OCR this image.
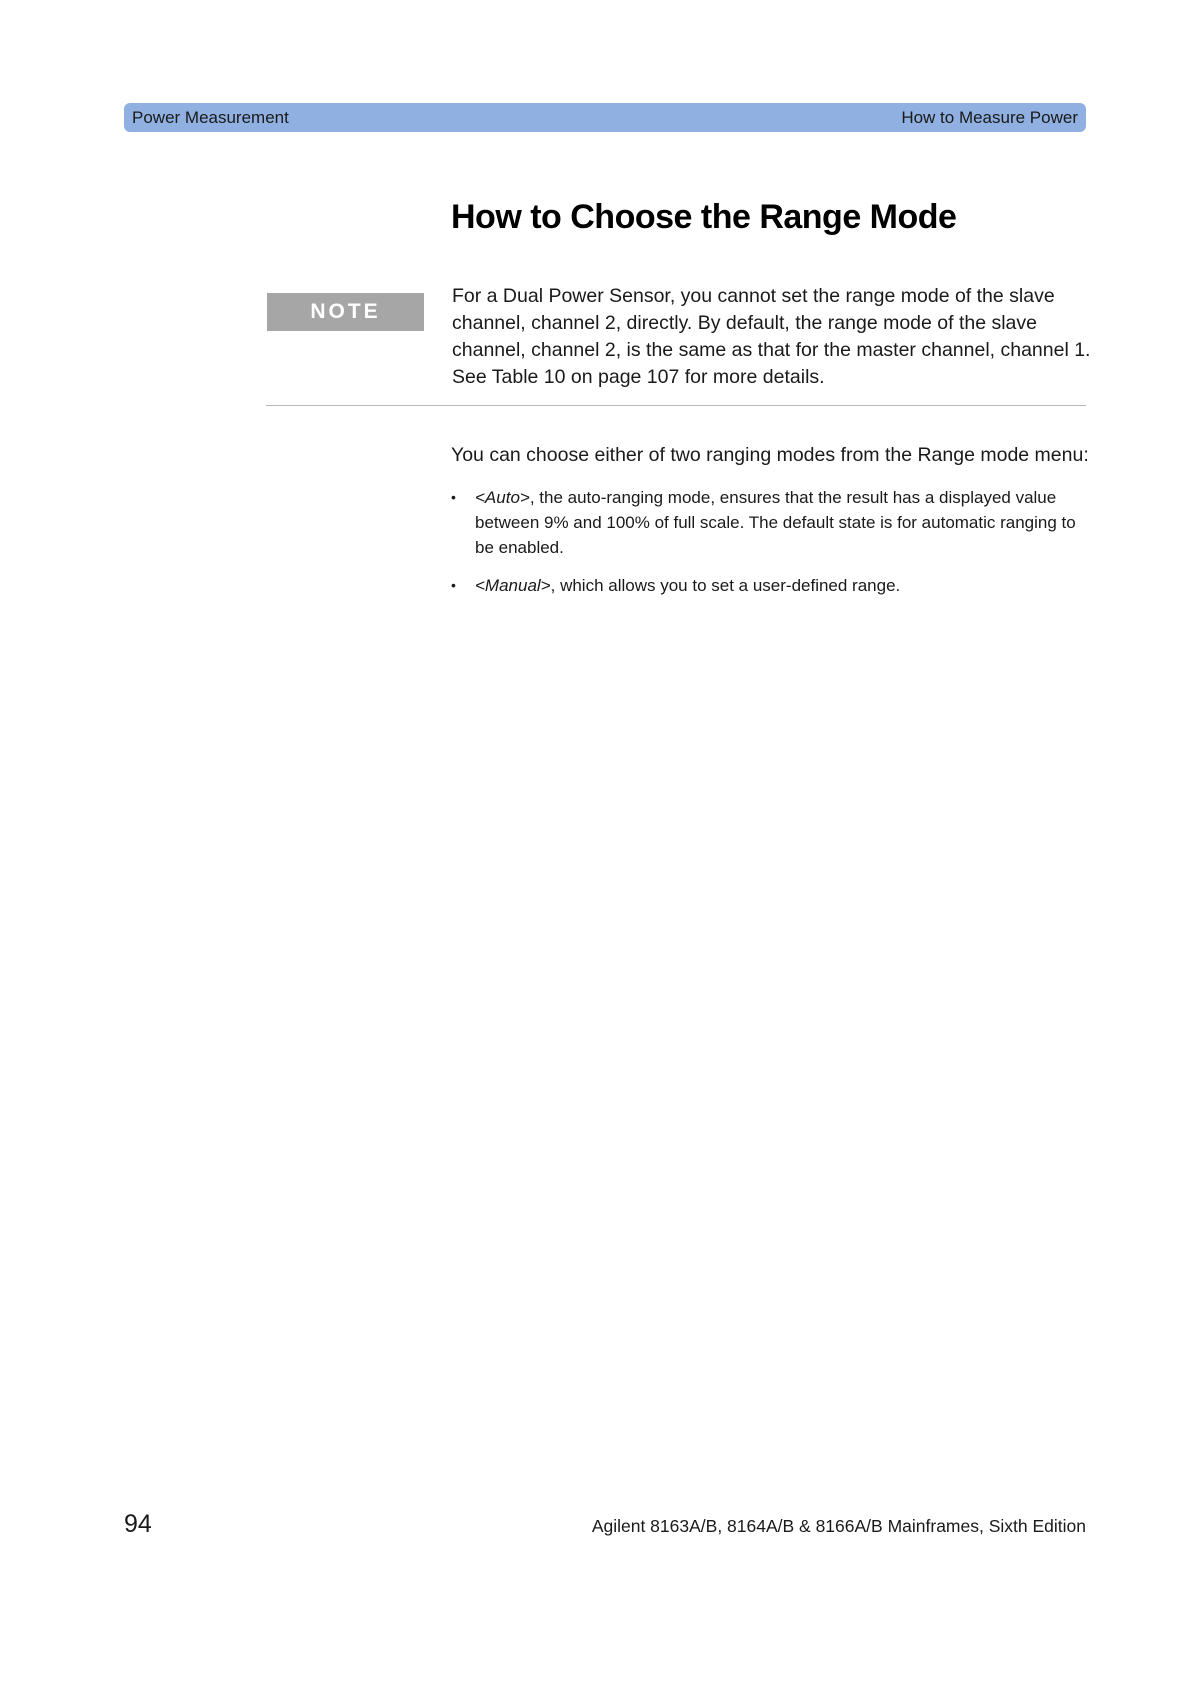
Power Measurement	How to Measure Power
How to Choose the Range Mode
NOTE

For a Dual Power Sensor, you cannot set the range mode of the slave channel, channel 2, directly. By default, the range mode of the slave channel, channel 2, is the same as that for the master channel, channel 1. See Table 10 on page 107 for more details.

You can choose either of two ranging modes from the Range mode menu:

• <Auto>, the auto-ranging mode, ensures that the result has a displayed value between 9% and 100% of full scale. The default state is for automatic ranging to be enabled.
• <Manual>, which allows you to set a user-defined range.
94	Agilent 8163A/B, 8164A/B & 8166A/B Mainframes, Sixth Edition
